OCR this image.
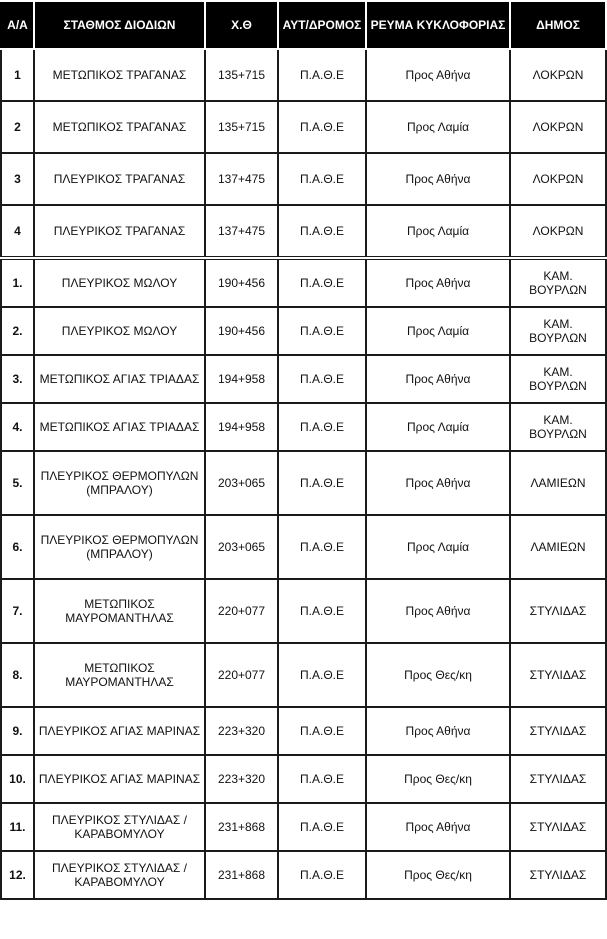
Α/Α	ΣΤΑΘΜΟΣ ΔΙΟΔΙΩΝ	Χ.Θ	ΑΥΤ/ΔΡΟΜΟΣ	ΡΕΥΜΑ ΚΥΚΛΟΦΟΡΙΑΣ	ΔΗΜΟΣ
1	ΜΕΤΩΠΙΚΟΣ ΤΡΑΓΑΝΑΣ	135+715	Π.Α.Θ.Ε	Προς Αθήνα	ΛΟΚΡΩΝ
2	ΜΕΤΩΠΙΚΟΣ ΤΡΑΓΑΝΑΣ	135+715	Π.Α.Θ.Ε	Προς Λαμία	ΛΟΚΡΩΝ
3	ΠΛΕΥΡΙΚΟΣ ΤΡΑΓΑΝΑΣ	137+475	Π.Α.Θ.Ε	Προς Αθήνα	ΛΟΚΡΩΝ
4	ΠΛΕΥΡΙΚΟΣ ΤΡΑΓΑΝΑΣ	137+475	Π.Α.Θ.Ε	Προς Λαμία	ΛΟΚΡΩΝ
1.	ΠΛΕΥΡΙΚΟΣ ΜΩΛΟΥ	190+456	Π.Α.Θ.Ε	Προς Αθήνα	ΚΑΜ. ΒΟΥΡΛΩΝ
2.	ΠΛΕΥΡΙΚΟΣ ΜΩΛΟΥ	190+456	Π.Α.Θ.Ε	Προς Λαμία	ΚΑΜ. ΒΟΥΡΛΩΝ
3.	ΜΕΤΩΠΙΚΟΣ ΑΓΙΑΣ ΤΡΙΑΔΑΣ	194+958	Π.Α.Θ.Ε	Προς Αθήνα	ΚΑΜ. ΒΟΥΡΛΩΝ
4.	ΜΕΤΩΠΙΚΟΣ ΑΓΙΑΣ ΤΡΙΑΔΑΣ	194+958	Π.Α.Θ.Ε	Προς Λαμία	ΚΑΜ. ΒΟΥΡΛΩΝ
5.	ΠΛΕΥΡΙΚΟΣ ΘΕΡΜΟΠΥΛΩΝ (ΜΠΡΑΛΟΥ)	203+065	Π.Α.Θ.Ε	Προς Αθήνα	ΛΑΜΙΕΩΝ
6.	ΠΛΕΥΡΙΚΟΣ ΘΕΡΜΟΠΥΛΩΝ (ΜΠΡΑΛΟΥ)	203+065	Π.Α.Θ.Ε	Προς Λαμία	ΛΑΜΙΕΩΝ
7.	ΜΕΤΩΠΙΚΟΣ ΜΑΥΡΟΜΑΝΤΗΛΑΣ	220+077	Π.Α.Θ.Ε	Προς Αθήνα	ΣΤΥΛΙΔΑΣ
8.	ΜΕΤΩΠΙΚΟΣ ΜΑΥΡΟΜΑΝΤΗΛΑΣ	220+077	Π.Α.Θ.Ε	Προς Θες/κη	ΣΤΥΛΙΔΑΣ
9.	ΠΛΕΥΡΙΚΟΣ ΑΓΙΑΣ ΜΑΡΙΝΑΣ	223+320	Π.Α.Θ.Ε	Προς Αθήνα	ΣΤΥΛΙΔΑΣ
10.	ΠΛΕΥΡΙΚΟΣ ΑΓΙΑΣ ΜΑΡΙΝΑΣ	223+320	Π.Α.Θ.Ε	Προς Θες/κη	ΣΤΥΛΙΔΑΣ
11.	ΠΛΕΥΡΙΚΟΣ ΣΤΥΛΙΔΑΣ / ΚΑΡΑΒΟΜΥΛΟΥ	231+868	Π.Α.Θ.Ε	Προς Αθήνα	ΣΤΥΛΙΔΑΣ
12.	ΠΛΕΥΡΙΚΟΣ ΣΤΥΛΙΔΑΣ / ΚΑΡΑΒΟΜΥΛΟΥ	231+868	Π.Α.Θ.Ε	Προς Θες/κη	ΣΤΥΛΙΔΑΣ
